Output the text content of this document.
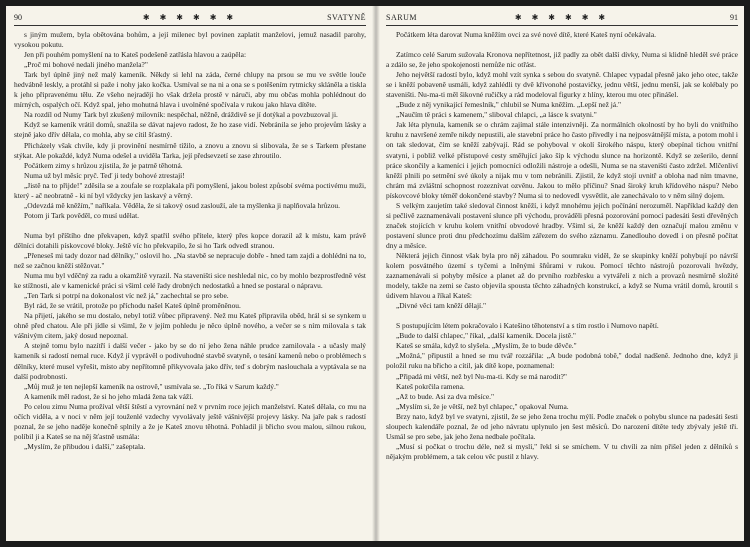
90	✱ ✱ ✱ ✱ ✱ ✱	SVATYNĚ

s jiným mužem, byla obětována bohům, a její milenec byl povinen zaplatit manželovi, jemuž nasadil parohy, vysokou pokutu.

Jen při pouhém pomyšlení na to Kateš podešeně zatřásla hlavou a zaúpěla:

„Proč mi bohové nedali jiného manžela?"

Tark byl úplně jiný než malý kameník. Někdy si lehl na záda, černé chlupy na prsou se mu ve světle louče hedvábně leskly, a protáhl si paže i nohy jako kočka. Usmíval se na ni a ona se s potěšením rytmicky skláněla a tiskla k jeho připravenému tělu. Ze všeho nejradějí ho však držela prostě v náruči, aby mu občas mohla pohlédnout do mírných, ospalých očí. Když spal, jeho mohutná hlava i uvolněné spočívala v rukou jako hlava dítěte.

Na rozdíl od Numy Tark byl zkušený milovník: nespěchal, něžně, dráždivě se jí dotýkal a povzbuzoval ji.

Když se kameník vrátil domů, snažila se dávat najevo radost, že ho zase vidí. Nebránila se jeho projevům lásky a stejně jako dřív dělala, co mohla, aby se cítil šťastný.

Přicházely však chvíle, kdy ji provinění nesmírně tížilo, a znovu a znovu si slibovala, že se s Tarkem přestane stýkat. Ale pokaždé, když Numa odešel a uviděla Tarka, její předsevzetí se zase zhroutilo.

Počátkem zimy s hrůzou zjistila, že je patrně těhotná.

Numa už byl měsíc pryč. Teď ji tedy bohové ztrestají!

„Jistě na to přijde!" zděsila se a zoufale se rozplakala při pomyšlení, jakou bolest způsobí svéma poctivému muži, který - ač neobratně - ki ní byl vždycky jen laskavý a věrný.

„Odevzdá mě kněžím," naříkala. Věděla, že si takový osud zaslouží, ale ta myšlenka ji naplňovala hrůzou.

Potom ji Tark pověděl, co musí udělat.

Numa byl příštího dne překvapen, když spatřil svého přítele, který přes kopce dorazil až k místu, kam právě dělníci dotahili pískovcové bloky. Ještě víc ho překvapilo, že si ho Tark odvedl stranou.

„Přeneseš mi tady dozor nad dělníky," oslovil ho. „Na stavbě se nepracuje dobře - hned tam zajdi a dohlédni na to, než se začnou kněží stěžovat."

Numa mu byl vděčný za radu a okamžitě vyrazil. Na staveništi sice neshledal nic, co by mohlo bezprostředně vést ke stížnosti, ale v kamenické práci si všiml celé řady drobných nedostatků a hned se postaral o nápravu.

„Ten Tark si potrpí na dokonalost víc než já," zachechtal se pro sebe.

Byl rád, že se vrátil, protože po příchodu našel Kateš úplně proměněnou.

Na přijetí, jakého se mu dostalo, nebyl totiž vůbec připravený. Než mu Kateš připravila oběd, hrál si se synkem u ohně před chatou. Ale při jídle si všiml, že v jejím pohledu je něco úplně nového, a večer se s ním milovala s tak vášnivým citem, jaký dosud nepoznal.

A stejně tomu bylo nazítří i další večer - jako by se do ní jeho žena náhle prudce zamilovala - a učasly malý kameník si radostí nemal ruce. Když jí vyprávěl o podivuhodné stavbě svatyně, o tesání kamenů nebo o problémech s dělníky, které musel vyřešit, místo aby nepřítomně přikyvovala jako dřív, teď s dobrým naslouchala a vyptávala se na další podrobnosti.

„Můj muž je ten nejlepší kameník na ostrově," usmívala se. „To říká v Sarum každý."

A kameník měl radost, že si ho jeho mladá žena tak váží.

Po celou zimu Numa prožíval větší štěstí a vyrovnání než v prvním roce jejich manželství. Kateš dělala, co mu na očích viděla, a v noci v něm její touženlé vzdechy vyvolávaly ještě vášnivější projevy lásky. Na jaře pak s radostí poznal, že se jeho naděje konečně splnily a že je Kateš znovu těhotná. Pohladil ji břicho svou malou, silnou rukou, políbil ji a Kateš se na něj šťastně usmála:

„Myslím, že přibudou i další," zašeptala.

SARUM	✱ ✱ ✱ ✱ ✱ ✱	91

Počátkem léta darovat Numa kněžím ovci za své nové dítě, které Kateš nyní očekávala.

Zatímco celé Sarum sužovala Kronova nepřítetnost, již padly za obět další dívky, Numa si klidně hleděl své práce a zdálo se, že jeho spokojenosti nemůže nic otřást.

Jeho největší radostí bylo, když mohl vzít synka s sebou do svatyně. Chlapec vypadal přesně jako jeho otec, takže se i kněží pobaveně usmáli, když zahlédli ty dvě křivonohé postavičky, jednu větší, jednu menší, jak se kolébaly po staveništi. Nu-ma-ti měl šikovné ručičky a rád modeloval figurky z hlíny, kterou mu otec přinášel.

„Bude z něj vynikající řemeslník," chlubil se Numa kněžím. „Lepší než já."

„Naučím tě práci s kamenem," sliboval chlapci, „a lásce k svatyni."

Jak léta plynula, kameník se o chrám zajímal stále intenzivněji. Za normálních okolností by ho byli do vnitřního kruhu z navršené zemře nikdy nepustili, ale stavební práce ho často přivedly i na nejposvátnější místa, a potom mohl i on tak sledovat, čím se kněží zabývají. Rád se pohyboval v okolí širokého náspu, který obepínal tichou vnitřní svatyni, i pobliž velké přístupové cesty směřující jako šíp k východu slunce na horizontě. Když se zešerilo, denní práce skončily a kameníci i jejich pomocníci odložili nástroje a odešli, Numa se na staveništi často zdržel. Mlčenliví kněží plnili po setmění své úkoly a nijak mu v tom nebránili. Zjistil, že když stojí uvnitř a obloha nad ním tmavne, chrám má zvláštní schopnost rozeznívat ozvěnu. Jakou to mělo příčinu? Snad široký kruh křídového náspu? Nebo pískovcové bloky téměř dokončené stavby? Numa si to nedovedl vysvětlit, ale zanechávalo to v něm silný dojem.

S velkým zaujetím také sledoval činnost kněží, i když mnohému jejich počínání nerozuměl. Například každý den si pečlivě zaznamenávali postavení slunce při východu, prováděli přesná pozorování pomocí padesáti šesti dřevěných značek stojících v kruhu kolem vnitřní obvodové hradby. Všiml si, že kněží každý den označují malou změnu v postavení slunce proti dnu předchozímu dalším zářezem do svého záznamu. Zanedlouho dovedl i on přesně počítat dny a měsíce.

Některá jejich činnost však byla pro něj záhadou. Po soumraku viděl, že se skupinky kněží pohybují po návrší kolem posvátného území s tyčemi a lněnými šňůrami v rukou. Pomocí těchto nástrojů pozorovali hvězdy, zaznamenávali si pohyby měsíce a planet až do prvního rozbřesku a vytvářeli z nich a provazů nesmírně složité modely, takže na zemi se často objevila spousta těchto záhadných konstrukcí, a když se Numa vrátil domů, kroutil s údivem hlavou a říkal Kateš:

„Divné věci tam kněží dělají."

S postupujícím létem pokračovalo i Katešino těhotenství a s tím rostlo i Numovo napětí.

„Bude to další chlapec," říkal, „další kameník. Docela jistě."

Kateš se smála, když to slyšela. „Myslím, že to bude děvče."

„Možná," připustil a hned se mu tvář rozzářila: „A bude podobná tobě," dodal nadšeně. Jednoho dne, když ji položil ruku na břicho a cítil, jak dítě kope, poznamenal:

„Připadá mi větší, než byl Nu-ma-ti. Kdy se má narodit?"

Kateš pokrčila ramena.

„Až to bude. Asi za dva měsíce."

„Myslím si, že je větší, než byl chlapec," opakoval Numa.

Brzy nato, když byl ve svatyni, zjistil, že se jeho žena trochu mýlí. Podle značek o pohybu slunce na padesáti šesti sloupech kalendáře poznal, že od jeho návratu uplynulo jen šest měsíců. Do narození dítěte tedy zbývaly ještě tři. Usmál se pro sebe, jak jeho žena nedbale počítala.

„Musí si počkat o trochu déle, než si myslí," řekl si se smíchem. V tu chvíli za ním přišel jeden z dělníků s nějakým problémem, a tak celou věc pustil z hlavy.
